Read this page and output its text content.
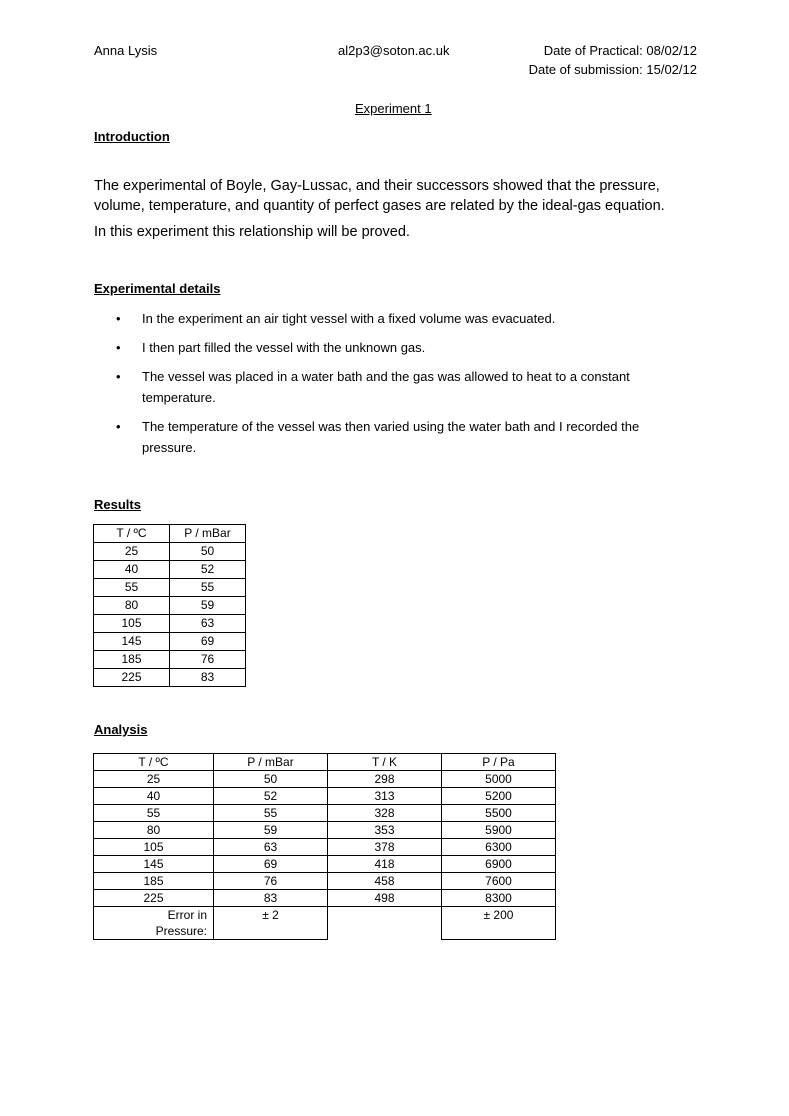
Anna Lysis	al2p3@soton.ac.uk	Date of Practical: 08/02/12
Date of submission: 15/02/12
Experiment 1
Introduction
The experimental of Boyle, Gay-Lussac, and their successors showed that the pressure, volume, temperature, and quantity of perfect gases are related by the ideal-gas equation.
In this experiment this relationship will be proved.
Experimental details
• In the experiment an air tight vessel with a fixed volume was evacuated.
• I then part filled the vessel with the unknown gas.
• The vessel was placed in a water bath and the gas was allowed to heat to a constant temperature.
• The temperature of the vessel was then varied using the water bath and I recorded the pressure.
Results
T / ºC	P / mBar
25	50
40	52
55	55
80	59
105	63
145	69
185	76
225	83
Analysis
T / ºC	P / mBar	T / K	P / Pa
25	50	298	5000
40	52	313	5200
55	55	328	5500
80	59	353	5900
105	63	378	6300
145	69	418	6900
185	76	458	7600
225	83	498	8300

Error in
Pressure:	± 2		± 200
